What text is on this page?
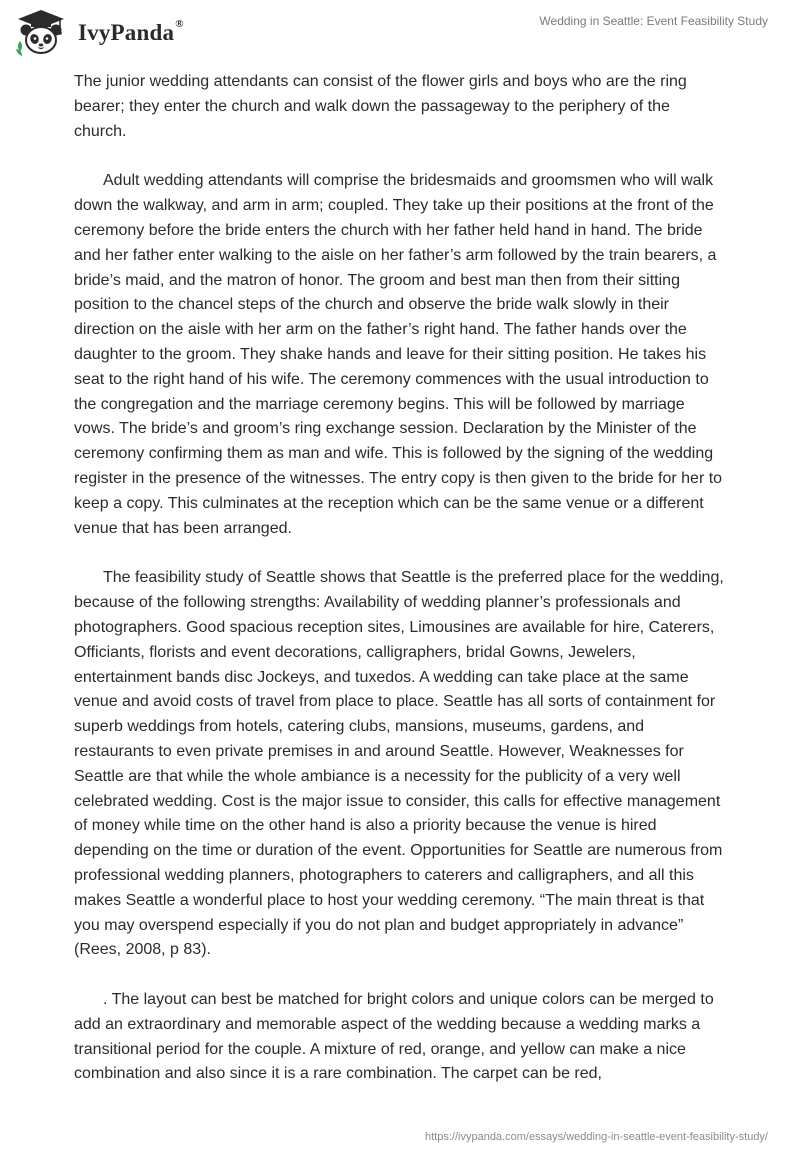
IvyPanda®	Wedding in Seattle: Event Feasibility Study

The junior wedding attendants can consist of the flower girls and boys who are the ring bearer; they enter the church and walk down the passageway to the periphery of the church.

Adult wedding attendants will comprise the bridesmaids and groomsmen who will walk down the walkway, and arm in arm; coupled. They take up their positions at the front of the ceremony before the bride enters the church with her father held hand in hand. The bride and her father enter walking to the aisle on her father’s arm followed by the train bearers, a bride’s maid, and the matron of honor. The groom and best man then from their sitting position to the chancel steps of the church and observe the bride walk slowly in their direction on the aisle with her arm on the father’s right hand. The father hands over the daughter to the groom. They shake hands and leave for their sitting position. He takes his seat to the right hand of his wife. The ceremony commences with the usual introduction to the congregation and the marriage ceremony begins. This will be followed by marriage vows. The bride’s and groom’s ring exchange session. Declaration by the Minister of the ceremony confirming them as man and wife. This is followed by the signing of the wedding register in the presence of the witnesses. The entry copy is then given to the bride for her to keep a copy. This culminates at the reception which can be the same venue or a different venue that has been arranged.

The feasibility study of Seattle shows that Seattle is the preferred place for the wedding, because of the following strengths: Availability of wedding planner’s professionals and photographers. Good spacious reception sites, Limousines are available for hire, Caterers, Officiants, florists and event decorations, calligraphers, bridal Gowns, Jewelers, entertainment bands disc Jockeys, and tuxedos. A wedding can take place at the same venue and avoid costs of travel from place to place. Seattle has all sorts of containment for superb weddings from hotels, catering clubs, mansions, museums, gardens, and restaurants to even private premises in and around Seattle. However, Weaknesses for Seattle are that while the whole ambiance is a necessity for the publicity of a very well celebrated wedding. Cost is the major issue to consider, this calls for effective management of money while time on the other hand is also a priority because the venue is hired depending on the time or duration of the event. Opportunities for Seattle are numerous from professional wedding planners, photographers to caterers and calligraphers, and all this makes Seattle a wonderful place to host your wedding ceremony. “The main threat is that you may overspend especially if you do not plan and budget appropriately in advance” (Rees, 2008, p 83).

. The layout can best be matched for bright colors and unique colors can be merged to add an extraordinary and memorable aspect of the wedding because a wedding marks a transitional period for the couple. A mixture of red, orange, and yellow can make a nice combination and also since it is a rare combination. The carpet can be red,

https://ivypanda.com/essays/wedding-in-seattle-event-feasibility-study/
